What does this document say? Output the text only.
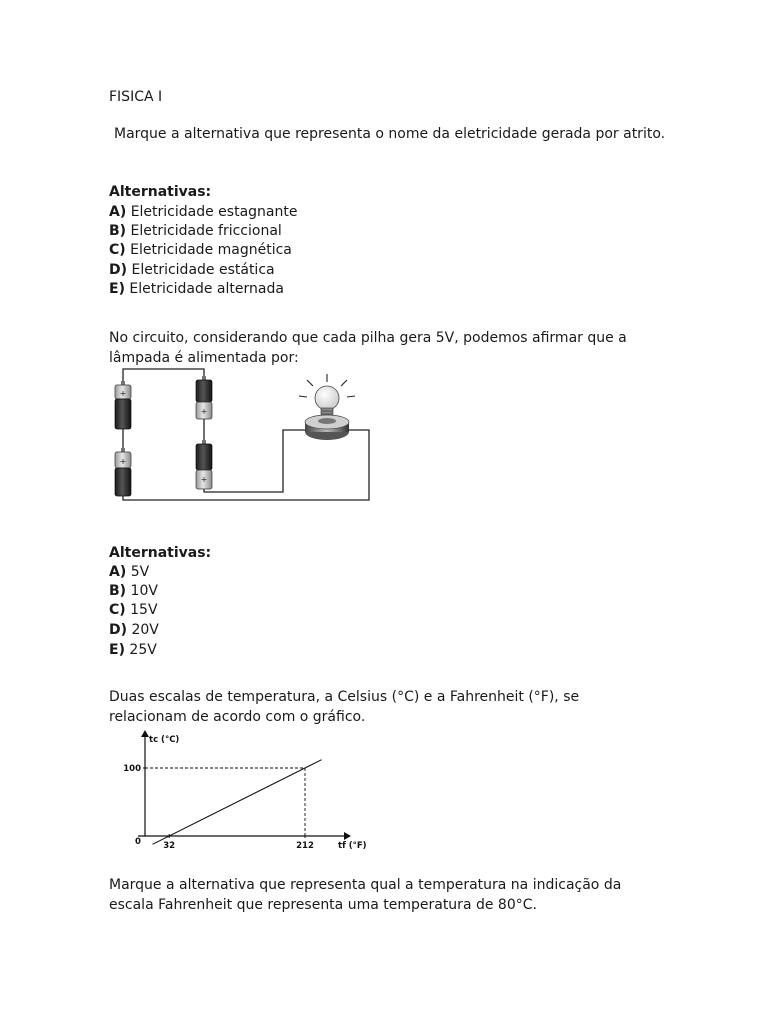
FISICA I
Marque a alternativa que representa o nome da eletricidade gerada por atrito.
Alternativas:
A) Eletricidade estagnante
B) Eletricidade friccional
C) Eletricidade magnética
D) Eletricidade estática
E) Eletricidade alternada
No circuito, considerando que cada pilha gera 5V, podemos afirmar que a lâmpada é alimentada por:
+
+
+
+
Alternativas:
A) 5V
B) 10V
C) 15V
D) 20V
E) 25V
Duas escalas de temperatura, a Celsius (°C) e a Fahrenheit (°F), se relacionam de acordo com o gráfico.
tc (°C)
tf (°F)
0	32	212
100
Marque a alternativa que representa qual a temperatura na indicação da escala Fahrenheit que representa uma temperatura de 80°C.
